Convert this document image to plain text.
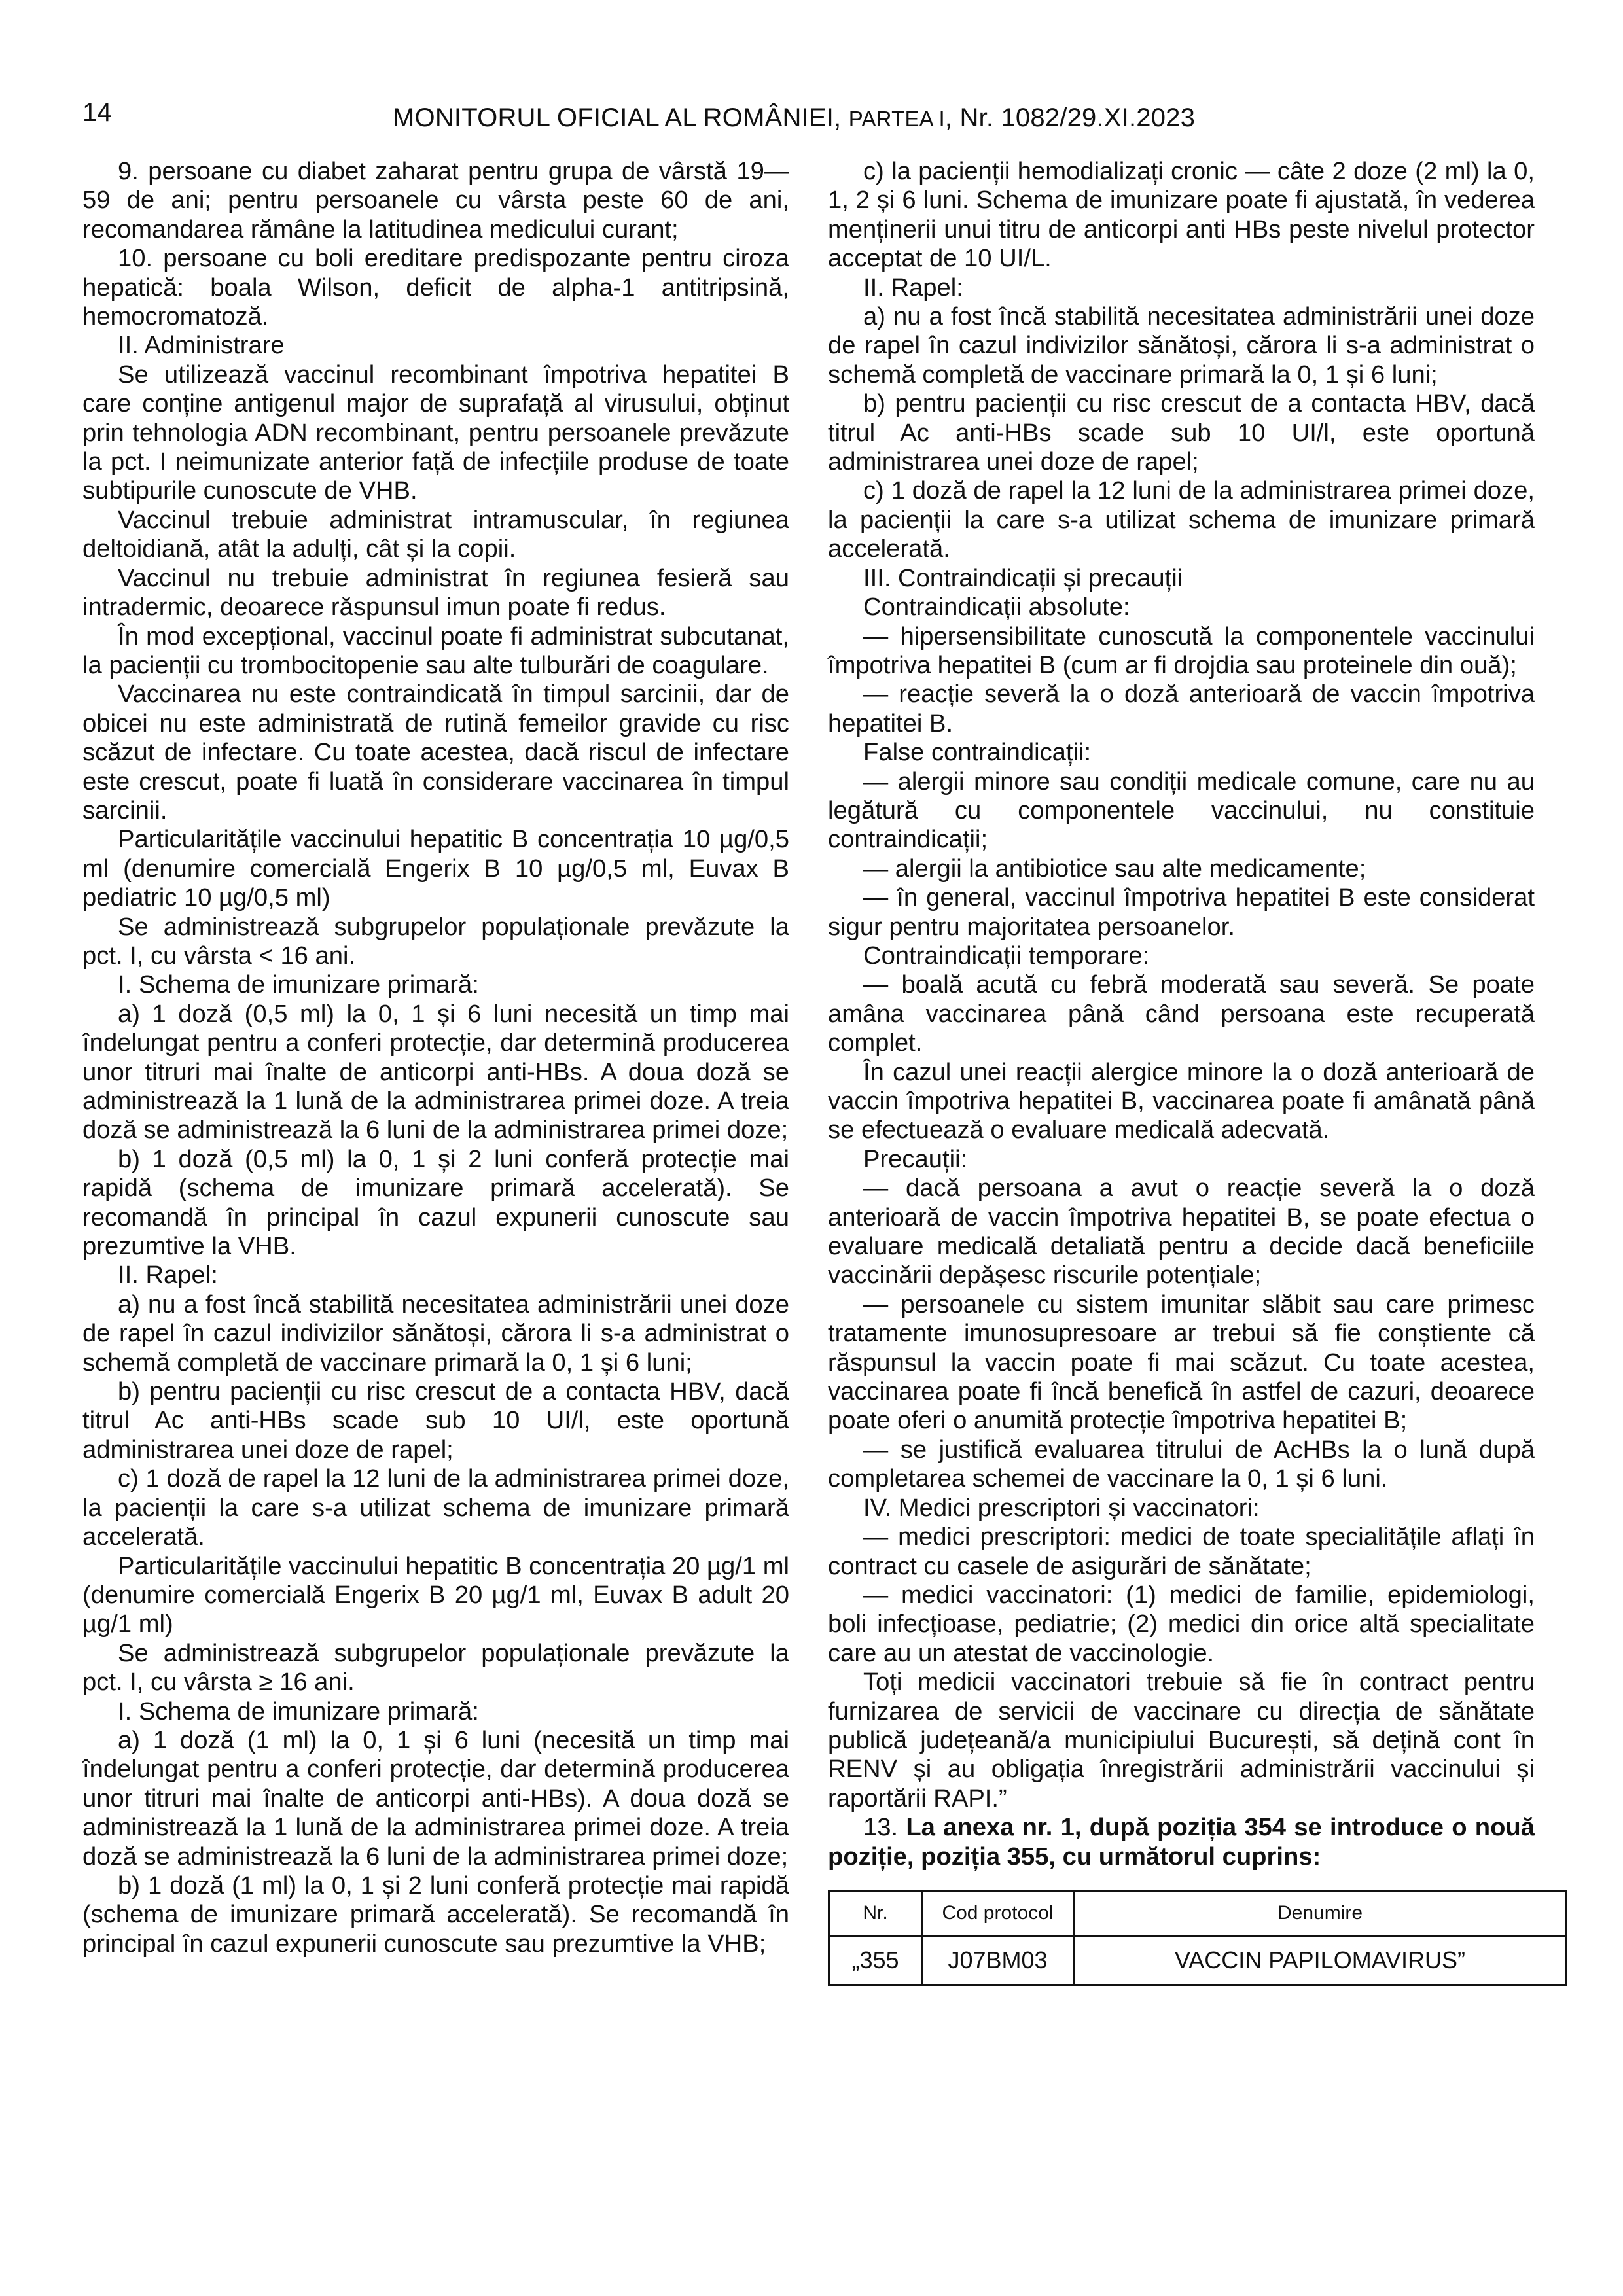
14	MONITORUL OFICIAL AL ROMÂNIEI, PARTEA I, Nr. 1082/29.XI.2023

9. persoane cu diabet zaharat pentru grupa de vârstă 19—59 de ani; pentru persoanele cu vârsta peste 60 de ani, recomandarea rămâne la latitudinea medicului curant;

10. persoane cu boli ereditare predispozante pentru ciroza hepatică: boala Wilson, deficit de alpha-1 antitripsină, hemocromatoză.

II. Administrare

Se utilizează vaccinul recombinant împotriva hepatitei B care conține antigenul major de suprafață al virusului, obținut prin tehnologia ADN recombinant, pentru persoanele prevăzute la pct. I neimunizate anterior față de infecțiile produse de toate subtipurile cunoscute de VHB.

Vaccinul trebuie administrat intramuscular, în regiunea deltoidiană, atât la adulți, cât și la copii.

Vaccinul nu trebuie administrat în regiunea fesieră sau intradermic, deoarece răspunsul imun poate fi redus.

În mod excepțional, vaccinul poate fi administrat subcutanat, la pacienții cu trombocitopenie sau alte tulburări de coagulare.

Vaccinarea nu este contraindicată în timpul sarcinii, dar de obicei nu este administrată de rutină femeilor gravide cu risc scăzut de infectare. Cu toate acestea, dacă riscul de infectare este crescut, poate fi luată în considerare vaccinarea în timpul sarcinii.

Particularitățile vaccinului hepatitic B concentrația 10 µg/0,5 ml (denumire comercială Engerix B 10 µg/0,5 ml, Euvax B pediatric 10 µg/0,5 ml)

Se administrează subgrupelor populaționale prevăzute la pct. I, cu vârsta < 16 ani.

I. Schema de imunizare primară:

a) 1 doză (0,5 ml) la 0, 1 și 6 luni necesită un timp mai îndelungat pentru a conferi protecție, dar determină producerea unor titruri mai înalte de anticorpi anti-HBs. A doua doză se administrează la 1 lună de la administrarea primei doze. A treia doză se administrează la 6 luni de la administrarea primei doze;

b) 1 doză (0,5 ml) la 0, 1 și 2 luni conferă protecție mai rapidă (schema de imunizare primară accelerată). Se recomandă în principal în cazul expunerii cunoscute sau prezumtive la VHB.

II. Rapel:

a) nu a fost încă stabilită necesitatea administrării unei doze de rapel în cazul indivizilor sănătoși, cărora li s-a administrat o schemă completă de vaccinare primară la 0, 1 și 6 luni;

b) pentru pacienții cu risc crescut de a contacta HBV, dacă titrul Ac anti-HBs scade sub 10 UI/l, este oportună administrarea unei doze de rapel;

c) 1 doză de rapel la 12 luni de la administrarea primei doze, la pacienții la care s-a utilizat schema de imunizare primară accelerată.

Particularitățile vaccinului hepatitic B concentrația 20 µg/1 ml (denumire comercială Engerix B 20 µg/1 ml, Euvax B adult 20 µg/1 ml)

Se administrează subgrupelor populaționale prevăzute la pct. I, cu vârsta ≥ 16 ani.

I. Schema de imunizare primară:

a) 1 doză (1 ml) la 0, 1 și 6 luni (necesită un timp mai îndelungat pentru a conferi protecție, dar determină producerea unor titruri mai înalte de anticorpi anti-HBs). A doua doză se administrează la 1 lună de la administrarea primei doze. A treia doză se administrează la 6 luni de la administrarea primei doze;

b) 1 doză (1 ml) la 0, 1 și 2 luni conferă protecție mai rapidă (schema de imunizare primară accelerată). Se recomandă în principal în cazul expunerii cunoscute sau prezumtive la VHB;

c) la pacienții hemodializați cronic — câte 2 doze (2 ml) la 0, 1, 2 și 6 luni. Schema de imunizare poate fi ajustată, în vederea menținerii unui titru de anticorpi anti HBs peste nivelul protector acceptat de 10 UI/L.

II. Rapel:

a) nu a fost încă stabilită necesitatea administrării unei doze de rapel în cazul indivizilor sănătoși, cărora li s-a administrat o schemă completă de vaccinare primară la 0, 1 și 6 luni;

b) pentru pacienții cu risc crescut de a contacta HBV, dacă titrul Ac anti-HBs scade sub 10 UI/l, este oportună administrarea unei doze de rapel;

c) 1 doză de rapel la 12 luni de la administrarea primei doze, la pacienții la care s-a utilizat schema de imunizare primară accelerată.

III. Contraindicații și precauții

Contraindicații absolute:

— hipersensibilitate cunoscută la componentele vaccinului împotriva hepatitei B (cum ar fi drojdia sau proteinele din ouă);

— reacție severă la o doză anterioară de vaccin împotriva hepatitei B.

False contraindicații:

— alergii minore sau condiții medicale comune, care nu au legătură cu componentele vaccinului, nu constituie contraindicații;

— alergii la antibiotice sau alte medicamente;

— în general, vaccinul împotriva hepatitei B este considerat sigur pentru majoritatea persoanelor.

Contraindicații temporare:

— boală acută cu febră moderată sau severă. Se poate amâna vaccinarea până când persoana este recuperată complet.

În cazul unei reacții alergice minore la o doză anterioară de vaccin împotriva hepatitei B, vaccinarea poate fi amânată până se efectuează o evaluare medicală adecvată.

Precauții:

— dacă persoana a avut o reacție severă la o doză anterioară de vaccin împotriva hepatitei B, se poate efectua o evaluare medicală detaliată pentru a decide dacă beneficiile vaccinării depășesc riscurile potențiale;

— persoanele cu sistem imunitar slăbit sau care primesc tratamente imunosupresoare ar trebui să fie conștiente că răspunsul la vaccin poate fi mai scăzut. Cu toate acestea, vaccinarea poate fi încă benefică în astfel de cazuri, deoarece poate oferi o anumită protecție împotriva hepatitei B;

— se justifică evaluarea titrului de AcHBs la o lună după completarea schemei de vaccinare la 0, 1 și 6 luni.

IV. Medici prescriptori și vaccinatori:

— medici prescriptori: medici de toate specialitățile aflați în contract cu casele de asigurări de sănătate;

— medici vaccinatori: (1) medici de familie, epidemiologi, boli infecțioase, pediatrie; (2) medici din orice altă specialitate care au un atestat de vaccinologie.

Toți medicii vaccinatori trebuie să fie în contract pentru furnizarea de servicii de vaccinare cu direcția de sănătate publică județeană/a municipiului București, să dețină cont în RENV și au obligația înregistrării administrării vaccinului și raportării RAPI.”

13. La anexa nr. 1, după poziția 354 se introduce o nouă poziție, poziția 355, cu următorul cuprins:

Nr.	Cod protocol	Denumire
„355	J07BM03	VACCIN PAPILOMAVIRUS”
